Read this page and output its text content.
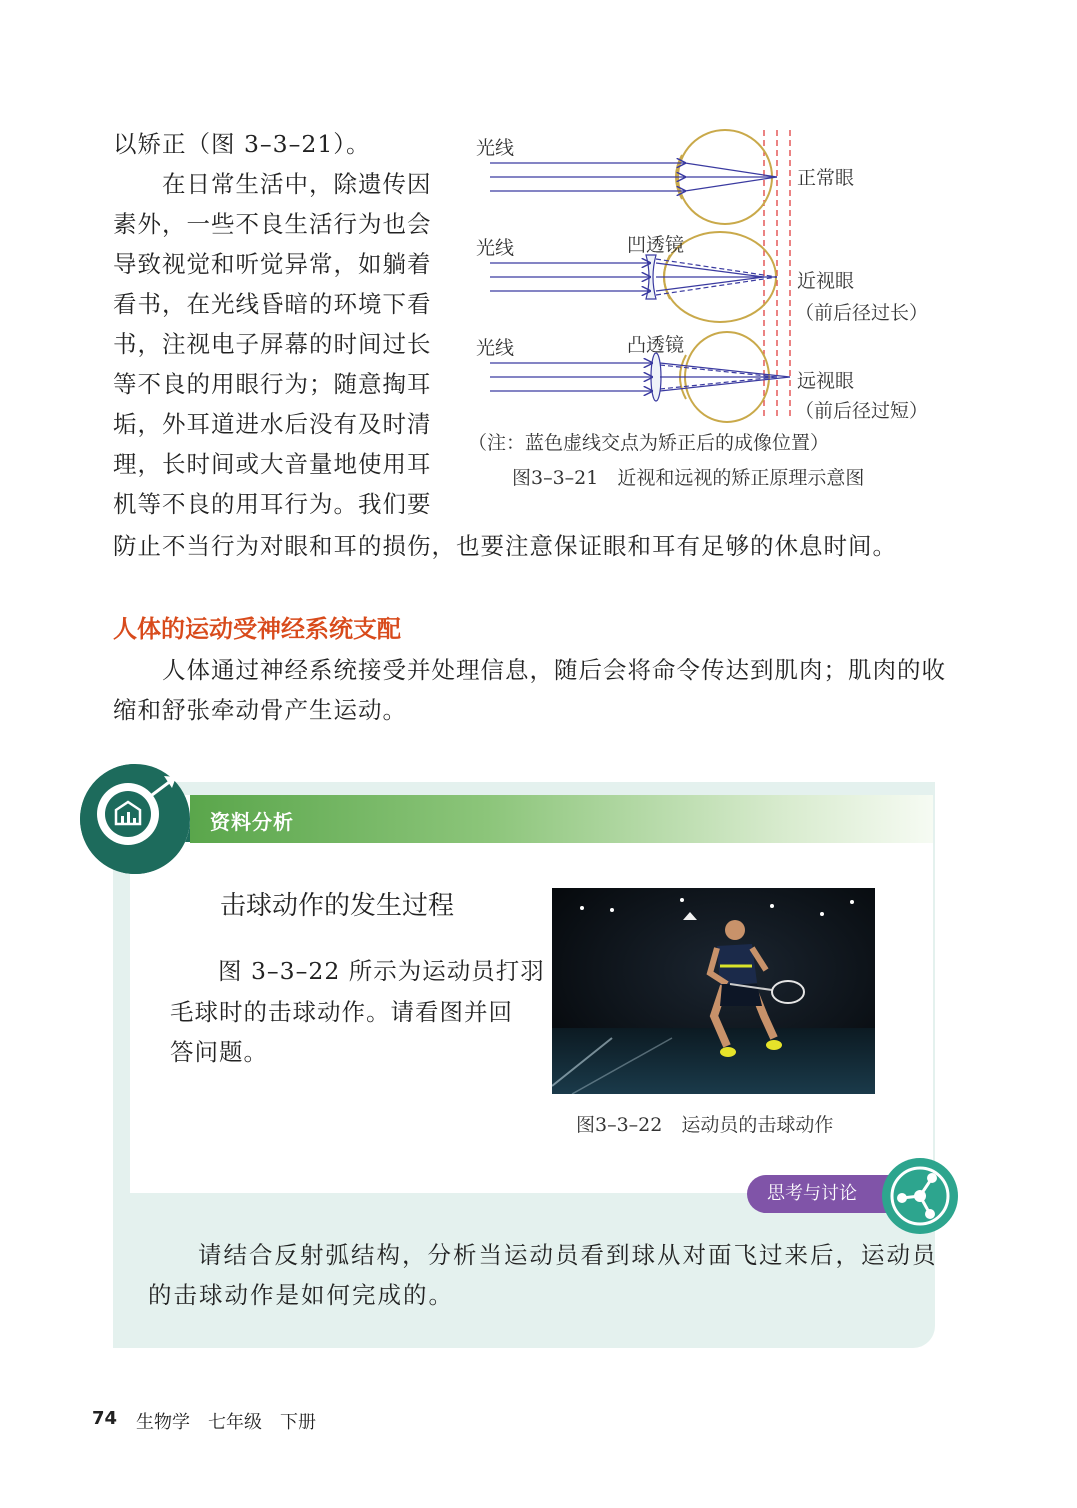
以矫正（图 3–3–21）。
在日常生活中，除遗传因
素外，一些不良生活行为也会
导致视觉和听觉异常，如躺着
看书，在光线昏暗的环境下看
书，注视电子屏幕的时间过长
等不良的用眼行为；随意掏耳
垢，外耳道进水后没有及时清
理，长时间或大音量地使用耳
机等不良的用耳行为。我们要
防止不当行为对眼和耳的损伤，也要注意保证眼和耳有足够的休息时间。
光线
正常眼
光线	凹透镜
近视眼
（前后径过长）
光线	凸透镜
远视眼
（前后径过短）
（注：蓝色虚线交点为矫正后的成像位置）
图3–3–21　近视和远视的矫正原理示意图
人体的运动受神经系统支配
人体通过神经系统接受并处理信息，随后会将命令传达到肌肉；肌肉的收
缩和舒张牵动骨产生运动。
资料分析
击球动作的发生过程
图 3–3–22 所示为运动员打羽
毛球时的击球动作。请看图并回
答问题。
图3–3–22　运动员的击球动作
思考与讨论
请结合反射弧结构，分析当运动员看到球从对面飞过来后，运动员
的击球动作是如何完成的。
74 生物学　七年级　下册
